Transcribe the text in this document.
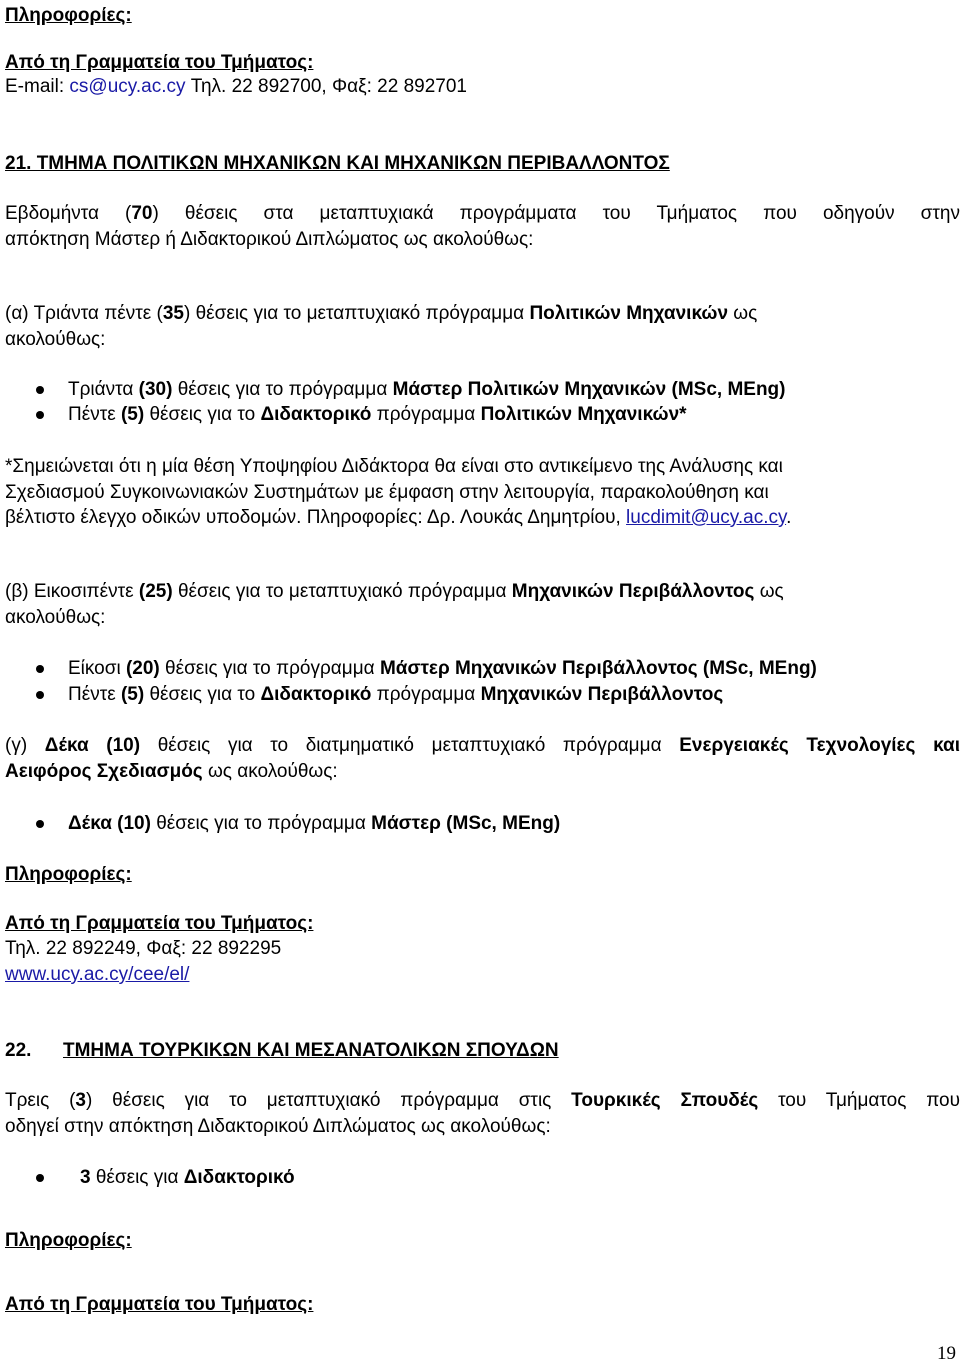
Πληροφορίες:
Από τη Γραμματεία του Τμήματος:
E-mail: cs@ucy.ac.cy Τηλ. 22 892700, Φαξ: 22 892701
21. ΤΜΗΜΑ ΠΟΛΙΤΙΚΩΝ ΜΗΧΑΝΙΚΩΝ ΚΑΙ ΜΗΧΑΝΙΚΩΝ ΠΕΡΙΒΑΛΛΟΝΤΟΣ
Εβδομήντα (70) θέσεις στα μεταπτυχιακά προγράμματα του Τμήματος που οδηγούν στην
απόκτηση Μάστερ ή Διδακτορικού Διπλώματος ως ακολούθως:
(α) Τριάντα πέντε (35) θέσεις για το μεταπτυχιακό πρόγραμμα Πολιτικών Μηχανικών ως
ακολούθως:
Τριάντα (30) θέσεις για το πρόγραμμα Μάστερ Πολιτικών Μηχανικών (MSc, MEng)
Πέντε (5) θέσεις για το Διδακτορικό πρόγραμμα Πολιτικών Μηχανικών*
*Σημειώνεται ότι η μία θέση Υποψηφίου Διδάκτορα θα είναι στο αντικείμενο της Ανάλυσης και
Σχεδιασμού Συγκοινωνιακών Συστημάτων με έμφαση στην λειτουργία, παρακολούθηση και
βέλτιστο έλεγχο οδικών υποδομών. Πληροφορίες: Δρ. Λουκάς Δημητρίου, lucdimit@ucy.ac.cy.
(β) Εικοσιπέντε (25) θέσεις για το μεταπτυχιακό πρόγραμμα Μηχανικών Περιβάλλοντος ως
ακολούθως:
Είκοσι (20) θέσεις για το πρόγραμμα Μάστερ Μηχανικών Περιβάλλοντος (MSc, MEng)
Πέντε (5) θέσεις για το Διδακτορικό πρόγραμμα Μηχανικών Περιβάλλοντος
(γ) Δέκα (10) θέσεις για το διατμηματικό μεταπτυχιακό πρόγραμμα Ενεργειακές Τεχνολογίες και
Αειφόρος Σχεδιασμός ως ακολούθως:
Δέκα (10) θέσεις για το πρόγραμμα Μάστερ (MSc, MEng)
Πληροφορίες:
Από τη Γραμματεία του Τμήματος:
Τηλ. 22 892249, Φαξ: 22 892295
www.ucy.ac.cy/cee/el/
22. ΤΜΗΜΑ ΤΟΥΡΚΙΚΩΝ ΚΑΙ ΜΕΣΑΝΑΤΟΛΙΚΩΝ ΣΠΟΥΔΩΝ
Τρεις (3) θέσεις για το μεταπτυχιακό πρόγραμμα στις Τουρκικές Σπουδές του Τμήματος που
οδηγεί στην απόκτηση Διδακτορικού Διπλώματος ως ακολούθως:
3 θέσεις για Διδακτορικό
Πληροφορίες:
Από τη Γραμματεία του Τμήματος:
19
